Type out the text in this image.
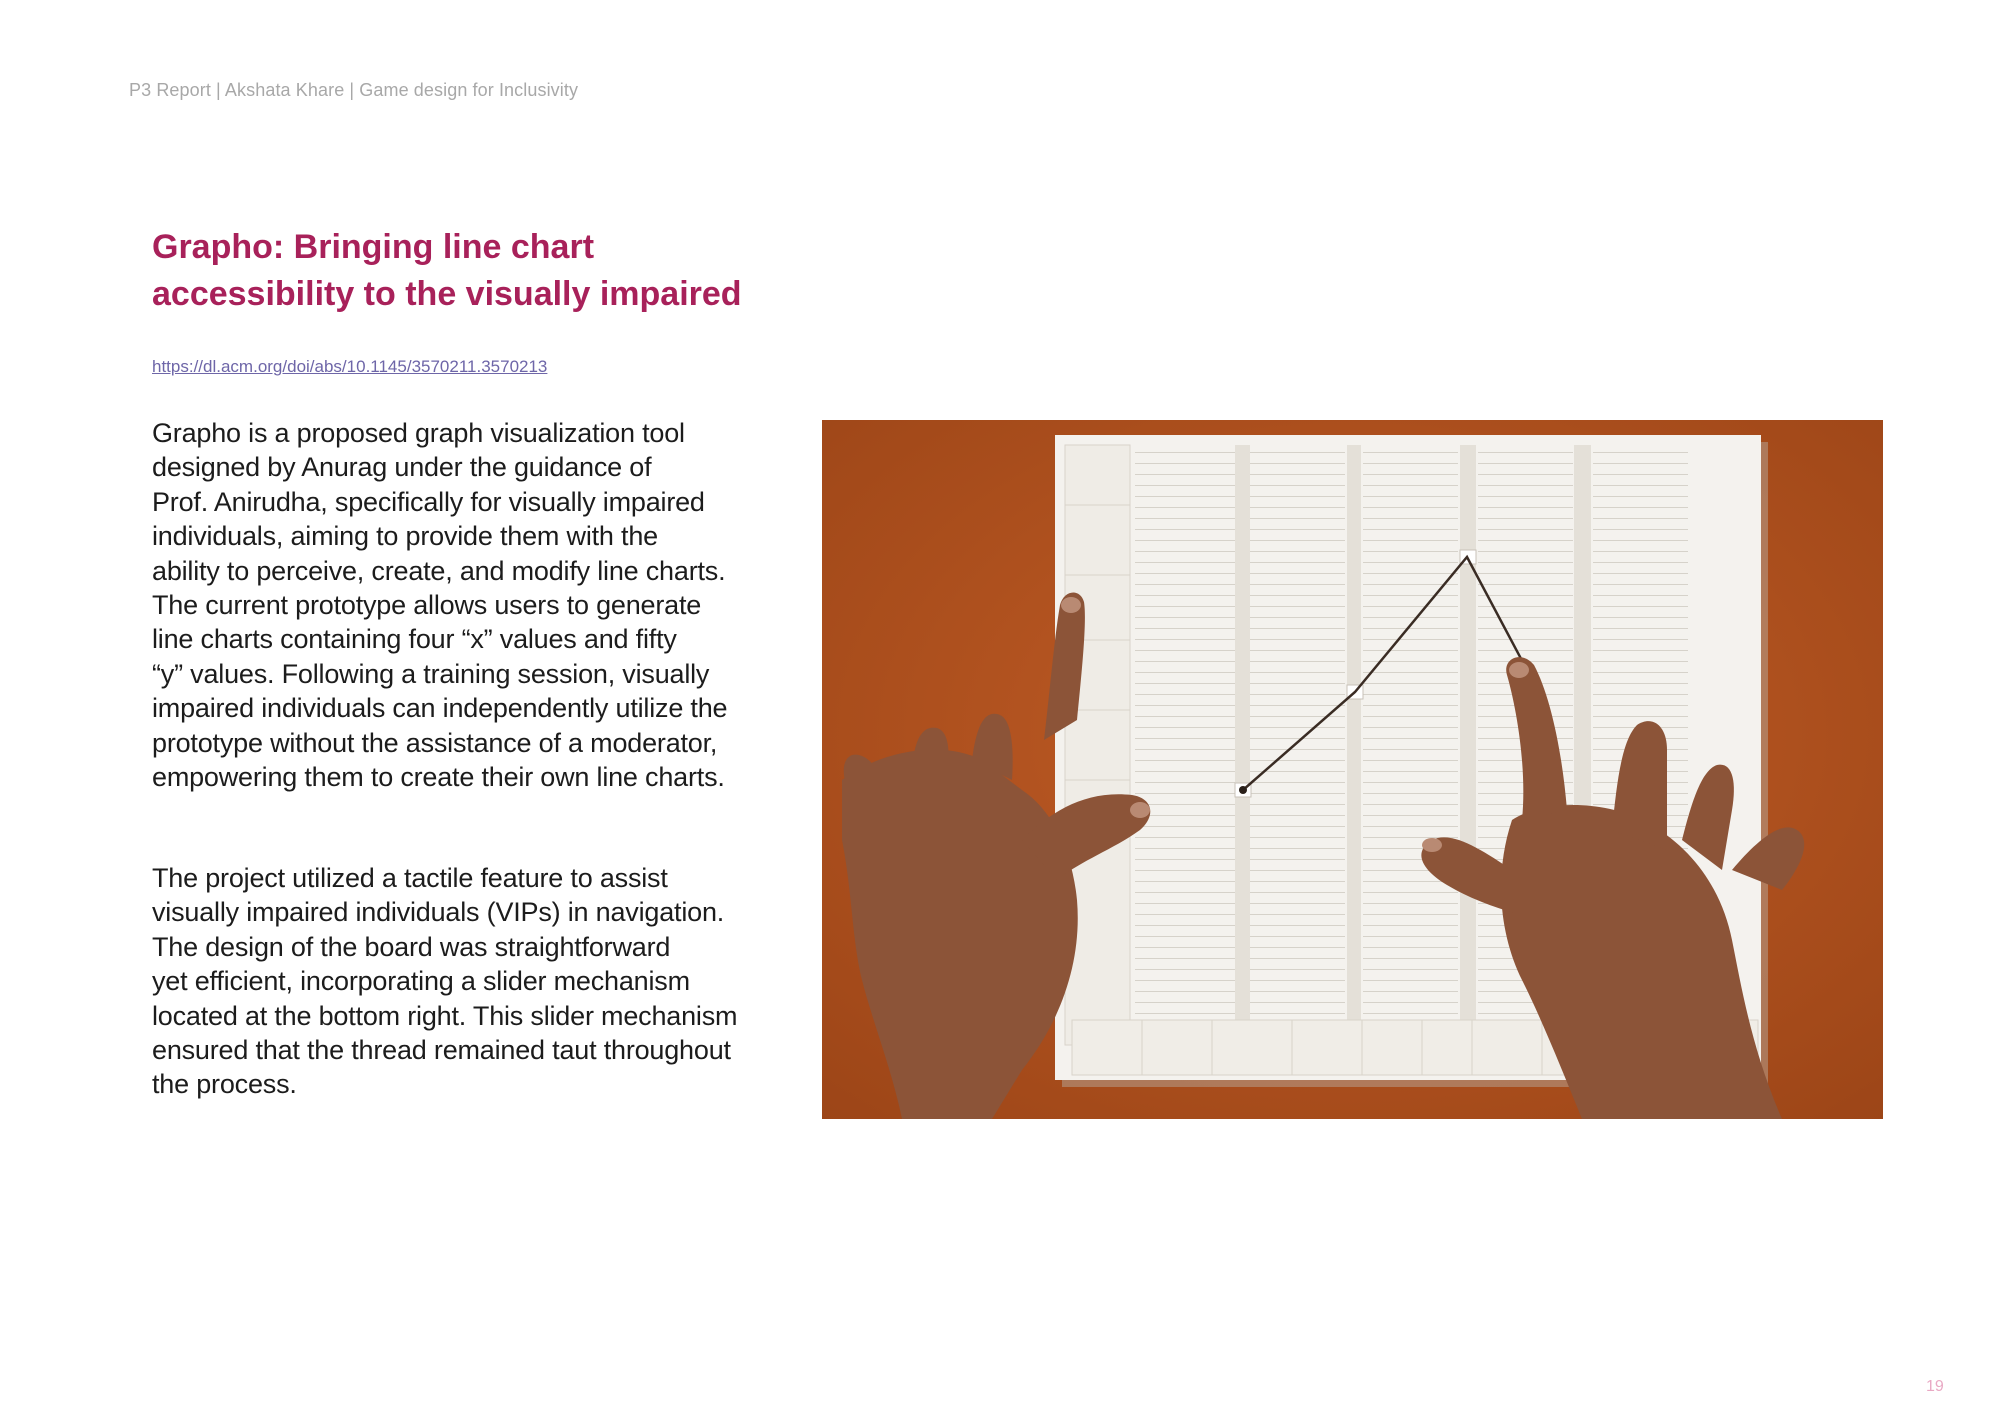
P3 Report | Akshata Khare | Game design for Inclusivity
Grapho: Bringing line chart
accessibility to the visually impaired
https://dl.acm.org/doi/abs/10.1145/3570211.3570213

Grapho is a proposed graph visualization tool
designed by Anurag under the guidance of
Prof. Anirudha, specifically for visually impaired
individuals, aiming to provide them with the
ability to perceive, create, and modify line charts.
The current prototype allows users to generate
line charts containing four “x” values and fifty
“y” values. Following a training session, visually
impaired individuals can independently utilize the
prototype without the assistance of a moderator,
empowering them to create their own line charts.

The project utilized a tactile feature to assist
visually impaired individuals (VIPs) in navigation.
The design of the board was straightforward
yet efficient, incorporating a slider mechanism
located at the bottom right. This slider mechanism
ensured that the thread remained taut throughout
the process.

19
